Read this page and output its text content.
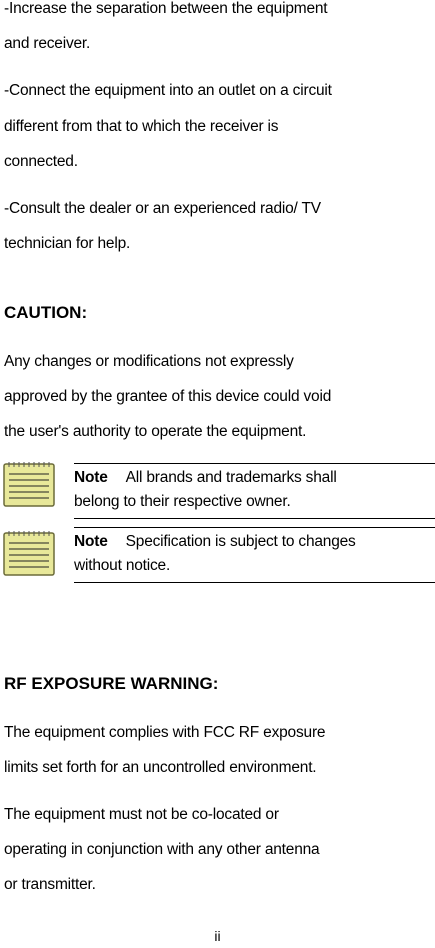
-Increase the separation between the equipment

and receiver.

-Connect the equipment into an outlet on a circuit

different from that to which the receiver is

connected.

-Consult the dealer or an experienced radio/ TV

technician for help.

CAUTION:

Any changes or modifications not expressly

approved by the grantee of this device could void

the user's authority to operate the equipment.

Note All brands and trademarks shall
belong to their respective owner.
Note Specification is subject to changes
without notice.

RF EXPOSURE WARNING:

The equipment complies with FCC RF exposure

limits set forth for an uncontrolled environment.

The equipment must not be co-located or

operating in conjunction with any other antenna

or transmitter.

ii
